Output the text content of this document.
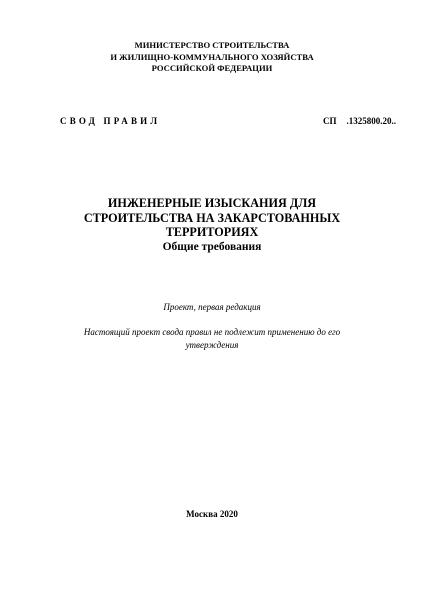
МИНИСТЕРСТВО СТРОИТЕЛЬСТВА
И ЖИЛИЩНО-КОММУНАЛЬНОГО ХОЗЯЙСТВА
РОССИЙСКОЙ ФЕДЕРАЦИИ
СВОД ПРАВИЛ	СП .1325800.20..
ИНЖЕНЕРНЫЕ ИЗЫСКАНИЯ ДЛЯ
СТРОИТЕЛЬСТВА НА ЗАКАРСТОВАННЫХ
ТЕРРИТОРИЯХ
Общие требования
Проект, первая редакция
Настоящий проект свода правил не подлежит применению до его
утверждения
Москва 2020
